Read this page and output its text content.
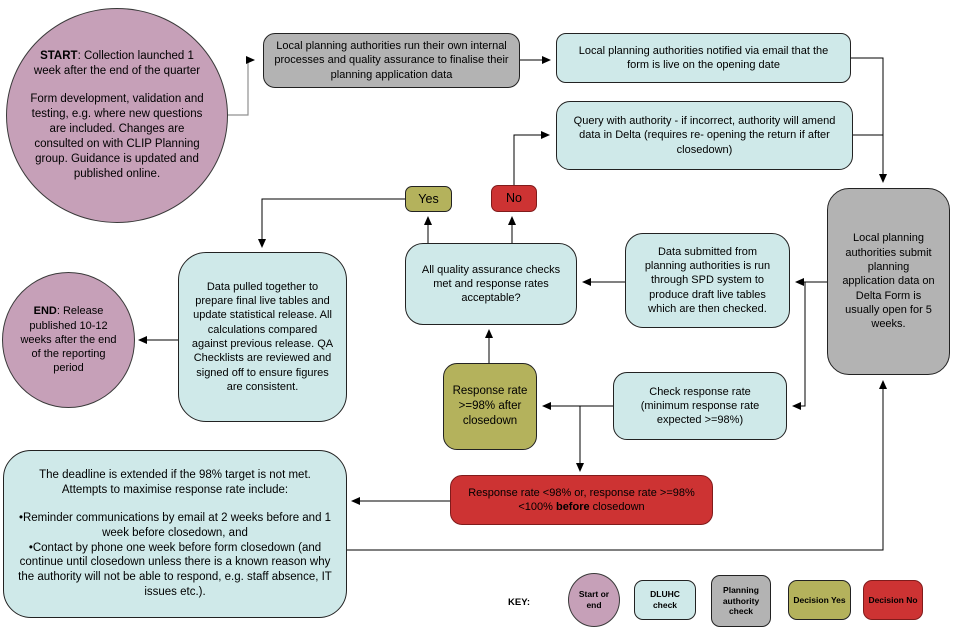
START: Collection launched 1 week after the end of the quarter

Form development, validation and testing, e.g. where new questions are included. Changes are consulted on with CLIP Planning group. Guidance is updated and published online.

Local planning authorities run their own internal processes and quality assurance to finalise their planning application data
Local planning authorities notified via email that the form is live on the opening date
Query with authority - if incorrect, authority will amend data in Delta (requires re- opening the return if after closedown)
Yes	No
All quality assurance checks met and response rates acceptable?
Data submitted from planning authorities is run through SPD system to produce draft live tables which are then checked.
Local planning authorities submit planning application data on Delta Form is usually open for 5 weeks.
Data pulled together to prepare final live tables and update statistical release. All calculations compared against previous release. QA Checklists are reviewed and signed off to ensure figures are consistent.

END: Release published 10-12 weeks after the end of the reporting period

Response rate >=98% after closedown
Check response rate (minimum response rate expected >=98%)

Response rate <98% or, response rate >=98% <100% before closedown

The deadline is extended if the 98% target is not met. Attempts to maximise response rate include:

•Reminder communications by email at 2 weeks before and 1 week before closedown, and

•Contact by phone one week before form closedown (and continue until closedown unless there is a known reason why the authority will not be able to respond, e.g. staff absence, IT issues etc.).

KEY:
Start or end
DLUHC check
Planning authority check
Decision Yes	Decision No
